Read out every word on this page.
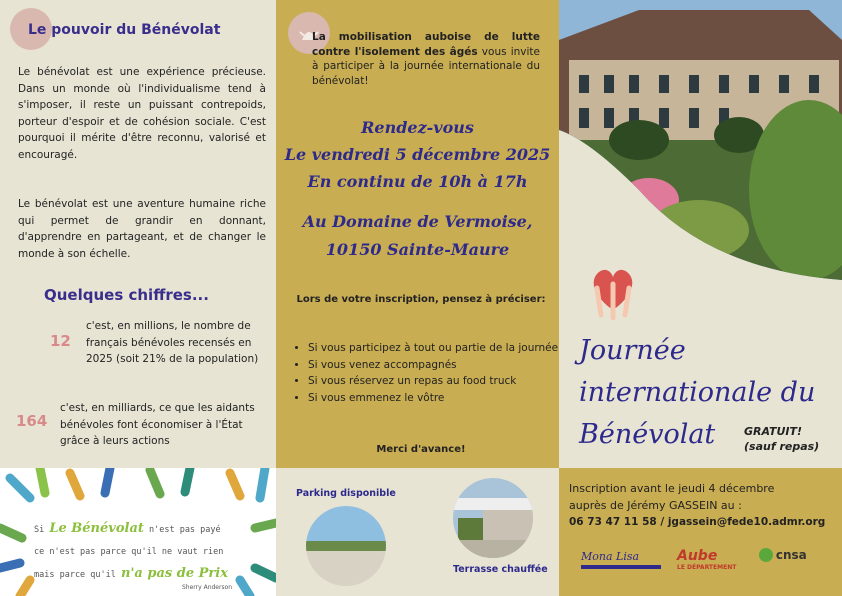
Le pouvoir du Bénévolat
Le bénévolat est une expérience précieuse. Dans un monde où l'individualisme tend à s'imposer, il reste un puissant contrepoids, porteur d'espoir et de cohésion sociale. C'est pourquoi il mérite d'être reconnu, valorisé et encouragé.
Le bénévolat est une aventure humaine riche qui permet de grandir en donnant, d'apprendre en partageant, et de changer le monde à son échelle.
Quelques chiffres...
12
c'est, en millions, le nombre de français bénévoles recensés en 2025 (soit 21% de la population)
164
c'est, en milliards, ce que les aidants bénévoles font économiser à l'État grâce à leurs actions
La mobilisation auboise de lutte contre l'isolement des âgés vous invite à participer à la journée internationale du bénévolat!
Rendez-vous
Le vendredi 5 décembre 2025
En continu de 10h à 17h
Au Domaine de Vermoise,
10150 Sainte-Maure
Lors de votre inscription, pensez à préciser:
• Si vous participez à tout ou partie de la journée
• Si vous venez accompagnés
• Si vous réservez un repas au food truck
• Si vous emmenez le vôtre
Merci d'avance!
Journée
internationale du
Bénévolat	GRATUIT!
(sauf repas)
Si Le Bénévolat n'est pas payé
ce n'est pas parce qu'il ne vaut rien
mais parce qu'il n'a pas de Prix
Sherry Anderson
Parking disponible
Terrasse chauffée
Inscription avant le jeudi 4 décembre
auprès de Jérémy GASSEIN au :
06 73 47 11 58 / jgassein@fede10.admr.org
Mona Lisa	Aube
LE DÉPARTEMENT
cnsa
